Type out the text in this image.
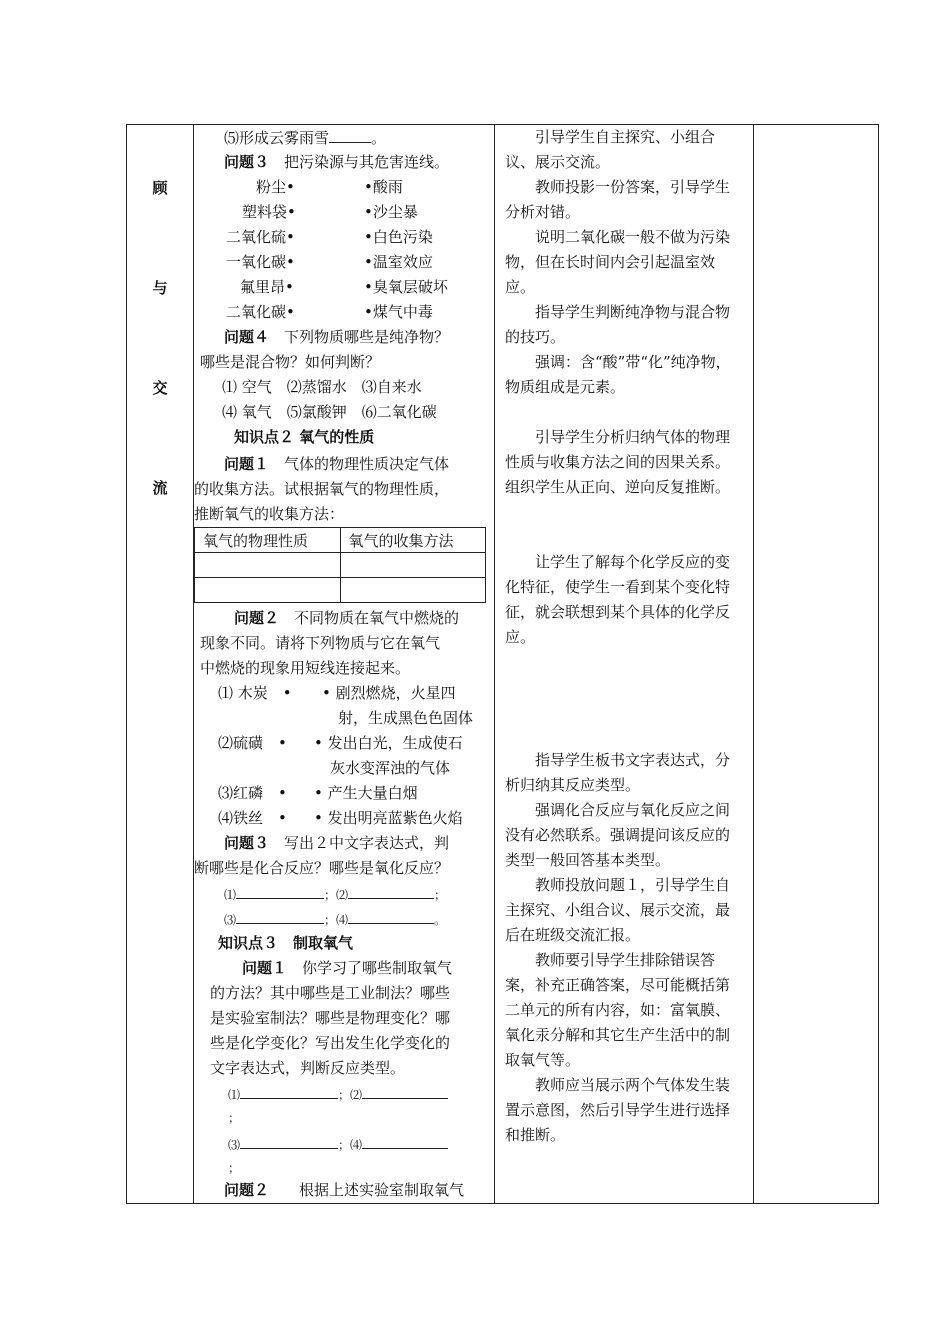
顾
与
交
流

⑸形成云雾雨雪	。
问题３　 把污染源与其危害连线。
粉尘•	•酸雨
塑料袋•	•沙尘暴
二氧化硫•	•白色污染
一氧化碳•	•温室效应
氟里昂•	•臭氧层破坏
二氧化碳•	•煤气中毒
问题４　 下列物质哪些是纯净物？
哪些是混合物？如何判断？
⑴ 空气　⑵蒸馏水　⑶自来水
⑷ 氧气　⑸氯酸钾　⑹二氧化碳
知识点２ 氧气的性质
问题１　 气体的物理性质决定气体
的收集方法。试根据氧气的物理性质，
推断氧气的收集方法：
氧气的物理性质	氧气的收集方法

问题２　 不同物质在氧气中燃烧的
现象不同。请将下列物质与它在氧气
中燃烧的现象用短线连接起来。
⑴ 木炭　• • 剧烈燃烧，火星四
射，生成黑色色固体
⑵硫磺　• • 发出白光，生成使石
灰水变浑浊的气体
⑶红磷　• • 产生大量白烟
⑷铁丝　• • 发出明亮蓝紫色火焰
问题３　 写出２中文字表达式，判
断哪些是化合反应？哪些是氧化反应？
⑴	；⑵	；
⑶	；⑷	。
知识点３　制取氧气
问题１　 你学习了哪些制取氧气
的方法？其中哪些是工业制法？哪些
是实验室制法？哪些是物理变化？哪
些是化学变化？写出发生化学变化的
文字表达式，判断反应类型。
⑴	；⑵
；
⑶	；⑷
；
问题２　　 根据上述实验室制取氧气

引导学生自主探究、小组合议、展示交流。
教师投影一份答案，引导学生分析对错。
说明二氧化碳一般不做为污染物，但在长时间内会引起温室效应。
指导学生判断纯净物与混合物的技巧。
强调：含“酸”带“化”纯净物，物质组成是元素。
引导学生分析归纳气体的物理性质与收集方法之间的因果关系。组织学生从正向、逆向反复推断。
让学生了解每个化学反应的变化特征，使学生一看到某个变化特征，就会联想到某个具体的化学反应。
指导学生板书文字表达式，分析归纳其反应类型。
强调化合反应与氧化反应之间没有必然联系。强调提问该反应的类型一般回答基本类型。
教师投放问题１，引导学生自主探究、小组合议、展示交流，最后在班级交流汇报。
教师要引导学生排除错误答案，补充正确答案，尽可能概括第二单元的所有内容，如：富氧膜、氧化汞分解和其它生产生活中的制取氧气等。
教师应当展示两个气体发生装置示意图，然后引导学生进行选择和推断。
